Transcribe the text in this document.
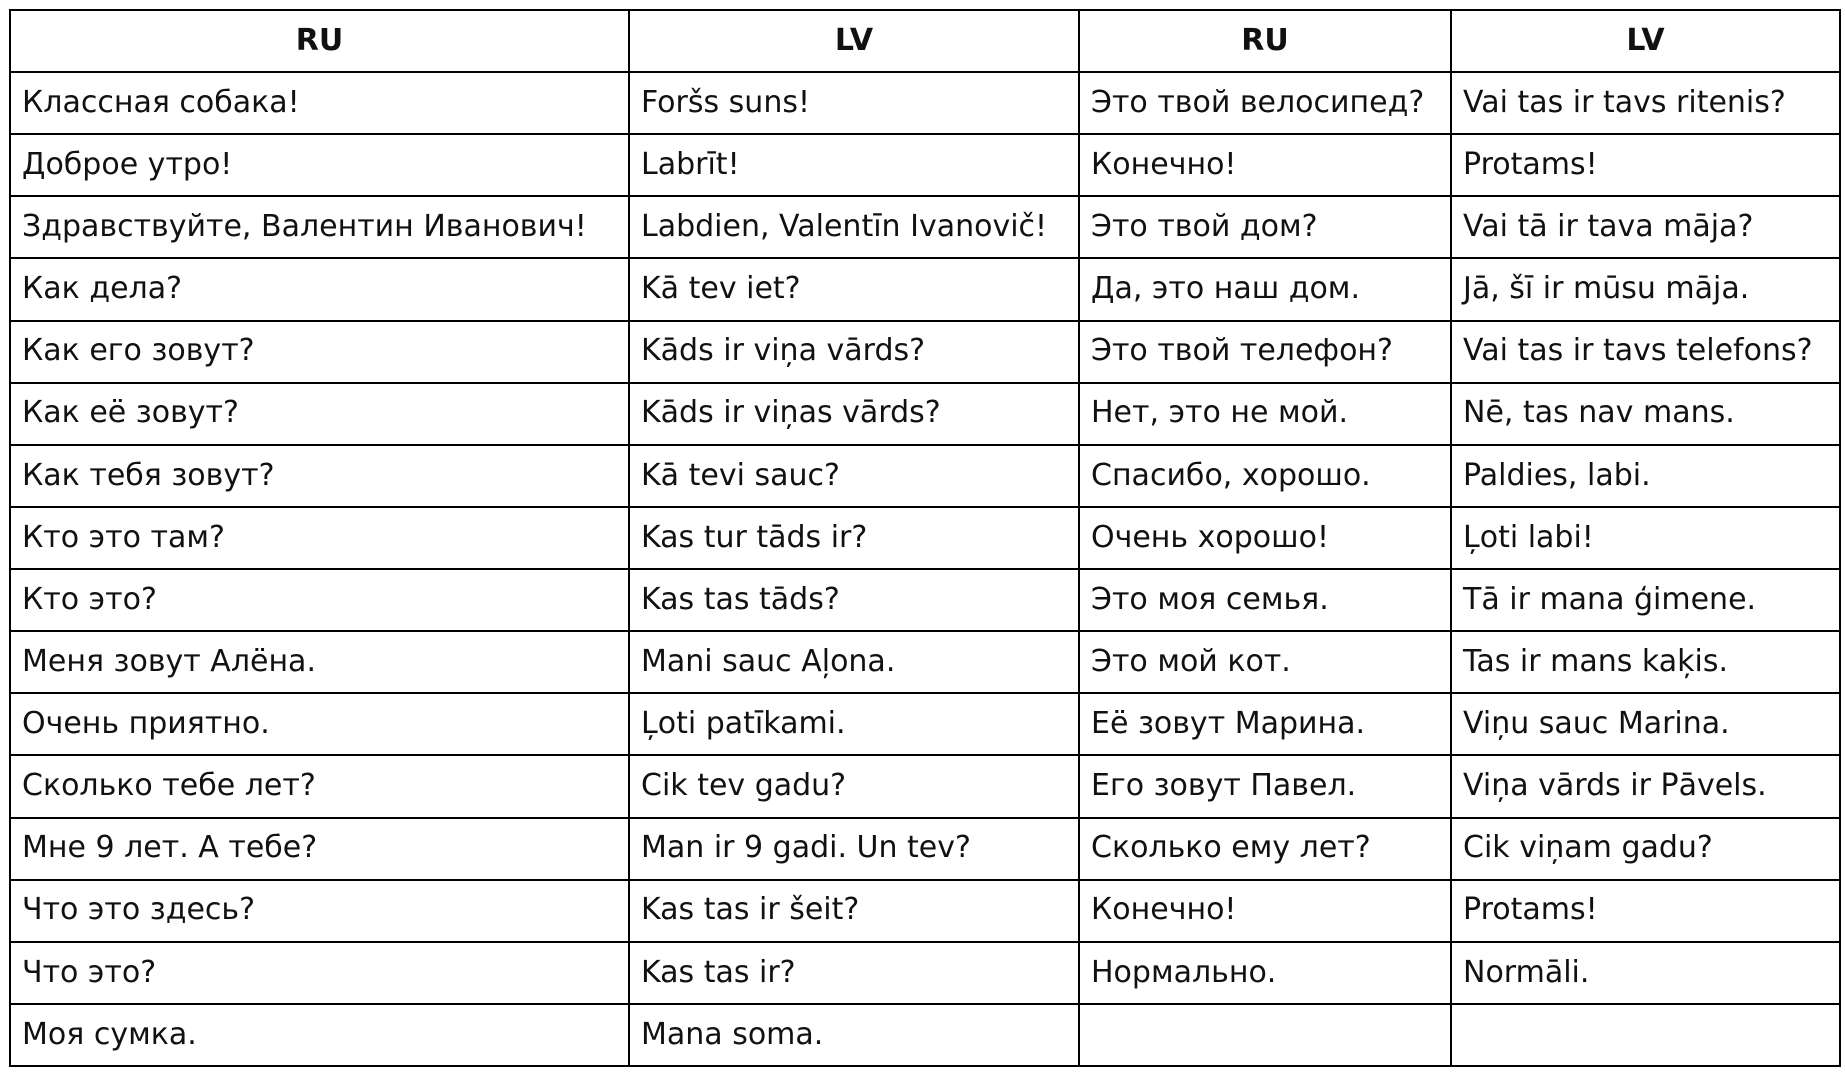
RU	LV	RU	LV
Классная собака!	Foršs suns!	Это твой велосипед?	Vai tas ir tavs ritenis?
Доброе утро!	Labrīt!	Конечно!	Protams!
Здравствуйте, Валентин Иванович!	Labdien, Valentīn Ivanovič!	Это твой дом?	Vai tā ir tava māja?
Как дела?	Kā tev iet?	Да, это наш дом.	Jā, šī ir mūsu māja.
Как его зовут?	Kāds ir viņa vārds?	Это твой телефон?	Vai tas ir tavs telefons?
Как её зовут?	Kāds ir viņas vārds?	Нет, это не мой.	Nē, tas nav mans.
Как тебя зовут?	Kā tevi sauc?	Спасибо, хорошо.	Paldies, labi.
Кто это там?	Kas tur tāds ir?	Очень хорошо!	Ļoti labi!
Кто это?	Kas tas tāds?	Это моя семья.	Tā ir mana ģimene.
Меня зовут Алёна.	Mani sauc Aļona.	Это мой кот.	Tas ir mans kaķis.
Очень приятно.	Ļoti patīkami.	Её зовут Марина.	Viņu sauc Marina.
Сколько тебе лет?	Cik tev gadu?	Его зовут Павел.	Viņa vārds ir Pāvels.
Мне 9 лет. А тебе?	Man ir 9 gadi. Un tev?	Сколько ему лет?	Cik viņam gadu?
Что это здесь?	Kas tas ir šeit?	Конечно!	Protams!
Что это?	Kas tas ir?	Нормально.	Normāli.
Моя сумка.	Mana soma.		
